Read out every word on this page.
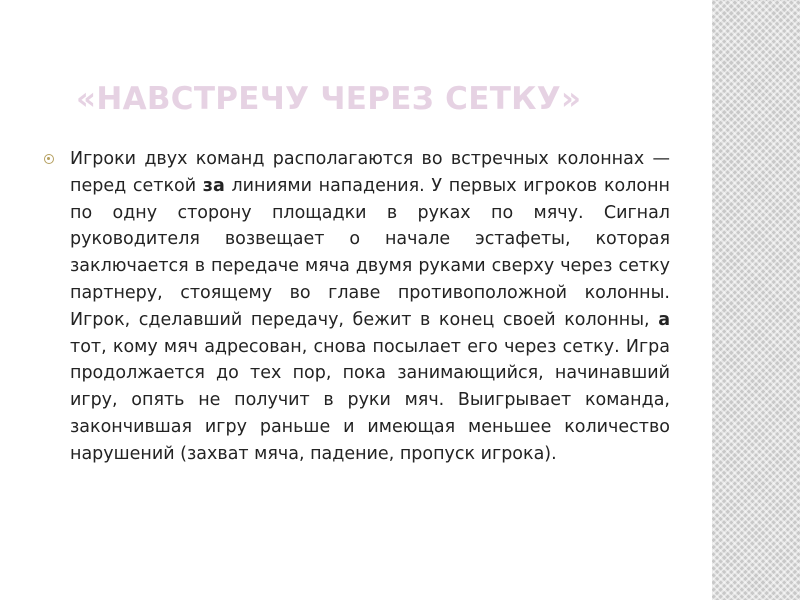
«НАВСТРЕЧУ ЧЕРЕЗ СЕТКУ»

Игроки двух команд располагаются во встречных колоннах — перед сеткой за линиями нападения. У первых игроков колонн по одну сторону площадки в руках по мячу. Сигнал руководителя возвещает о начале эстафеты, которая заключается в передаче мяча двумя руками сверху через сетку партнеру, стоящему во главе противоположной колонны. Игрок, сделавший передачу, бежит в конец своей колонны, а тот, кому мяч адресован, снова посылает его через сетку. Игра продолжается до тех пор, пока занимающийся, начинавший игру, опять не получит в руки мяч. Выигрывает команда, закончившая игру раньше и имеющая меньшее количество нарушений (захват мяча, падение, пропуск игрока).
